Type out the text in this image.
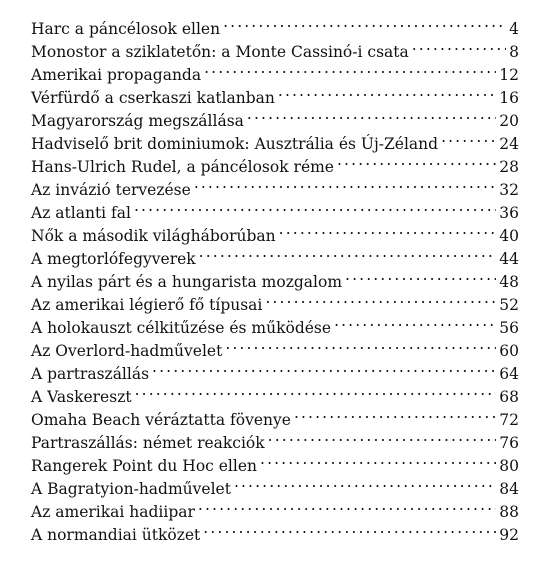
Harc a páncélosok ellen . . .	4
Monostor a sziklatetőn: a Monte Cassinó-i csata . . .	8
Amerikai propaganda . . .	12
Vérfürdő a cserkaszi katlanban . . .	16
Magyarország megszállása . . .	20
Hadviselő brit dominiumok: Ausztrália és Új-Zéland . . .	24
Hans-Ulrich Rudel, a páncélosok réme . . .	28
Az invázió tervezése . . .	32
Az atlanti fal . . .	36
Nők a második világháborúban . . .	40
A megtorlófegyverek . . .	44
A nyilas párt és a hungarista mozgalom . . .	48
Az amerikai légierő fő típusai . . .	52
A holokauszt célkitűzése és működése . . .	56
Az Overlord-hadművelet . . .	60
A partraszállás . . .	64
A Vaskereszt . . .	68
Omaha Beach véráztatta fövenye . . .	72
Partraszállás: német reakciók . . .	76
Rangerek Point du Hoc ellen . . .	80
A Bagratyion-hadművelet . . .	84
Az amerikai hadiipar . . .	88
A normandiai ütközet . . .	92
